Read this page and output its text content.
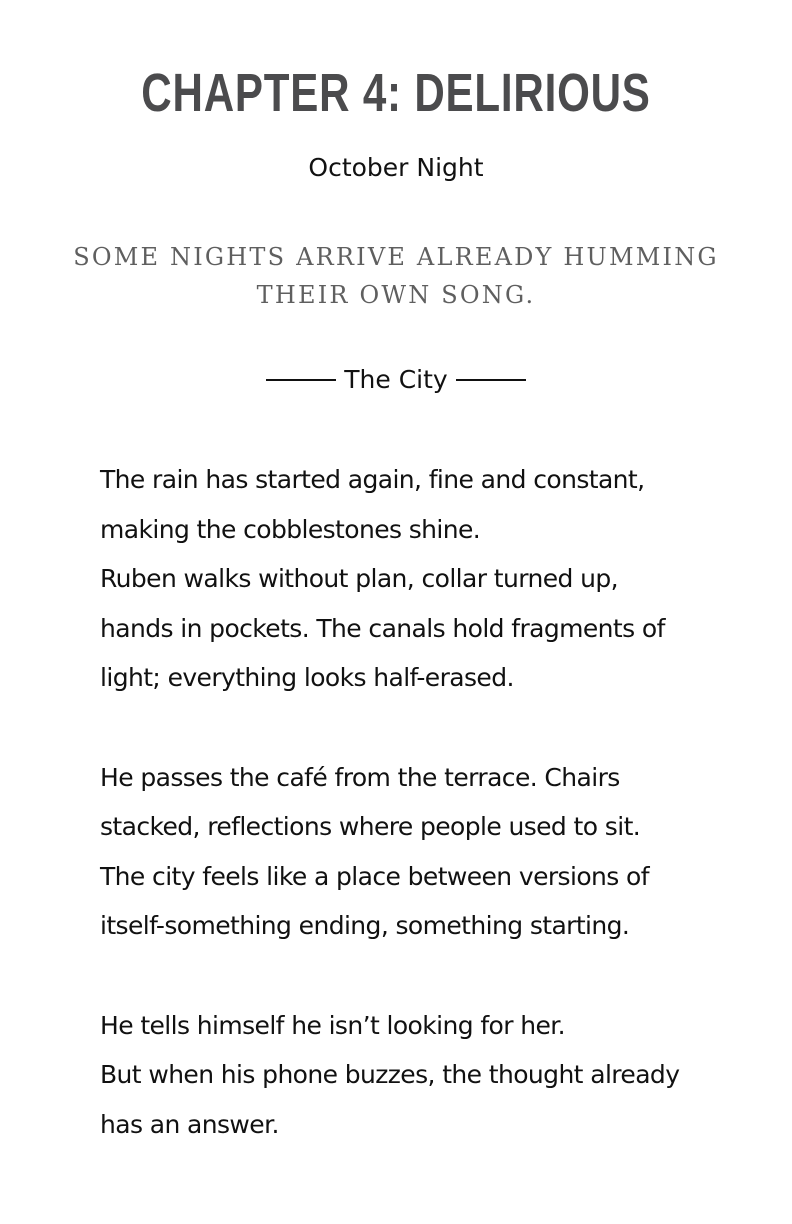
CHAPTER 4: DELIRIOUS
October Night
SOME NIGHTS ARRIVE ALREADY HUMMING THEIR OWN SONG.
The City

The rain has started again, fine and constant,
making the cobblestones shine.
Ruben walks without plan, collar turned up,
hands in pockets. The canals hold fragments of
light; everything looks half-erased.

He passes the café from the terrace. Chairs
stacked, reflections where people used to sit.
The city feels like a place between versions of
itself-something ending, something starting.

He tells himself he isn’t looking for her.
But when his phone buzzes, the thought already
has an answer.
